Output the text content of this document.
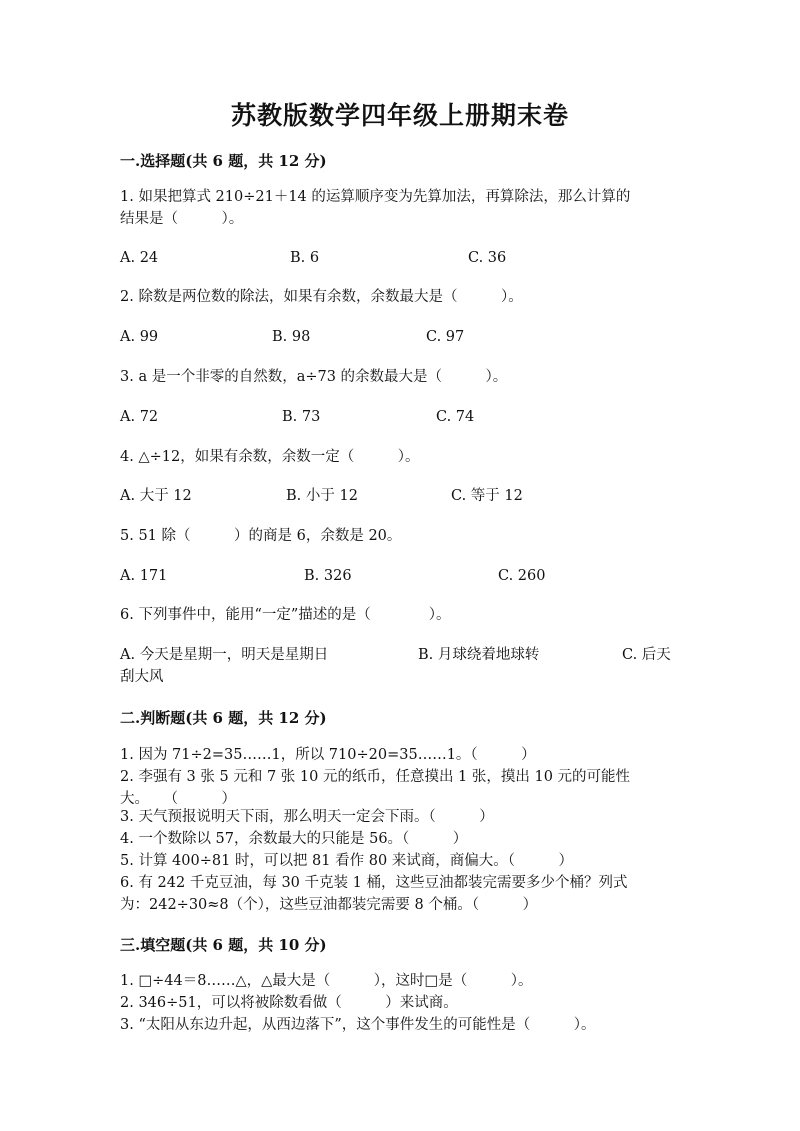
苏教版数学四年级上册期末卷
一.选择题(共 6 题，共 12 分)
1. 如果把算式 210÷21＋14 的运算顺序变为先算加法，再算除法，那么计算的
结果是（　　　）。
A. 24	B. 6	C. 36
2. 除数是两位数的除法，如果有余数，余数最大是（　　　）。
A. 99	B. 98	C. 97
3. a 是一个非零的自然数，a÷73 的余数最大是（　　　）。
A. 72	B. 73	C. 74
4. △÷12，如果有余数，余数一定（　　　）。
A. 大于 12	B. 小于 12	C. 等于 12
5. 51 除（　　　）的商是 6，余数是 20。
A. 171	B. 326	C. 260
6. 下列事件中，能用“一定”描述的是（　　　　）。
A. 今天是星期一，明天是星期日	B. 月球绕着地球转	C. 后天
刮大风
二.判断题(共 6 题，共 12 分)
1. 因为 71÷2=35……1，所以 710÷20=35……1。（　　　）
2. 李强有 3 张 5 元和 7 张 10 元的纸币，任意摸出 1 张，摸出 10 元的可能性
大。　　（　　　）
3. 天气预报说明天下雨，那么明天一定会下雨。（　　　）
4. 一个数除以 57，余数最大的只能是 56。（　　　）
5. 计算 400÷81 时，可以把 81 看作 80 来试商，商偏大。（　　　）
6. 有 242 千克豆油，每 30 千克装 1 桶，这些豆油都装完需要多少个桶？列式
为：242÷30≈8（个），这些豆油都装完需要 8 个桶。（　　　）
三.填空题(共 6 题，共 10 分)
1. □÷44＝8……△，△最大是（　　　），这时□是（　　　）。
2. 346÷51，可以将被除数看做（　　　）来试商。
3. “太阳从东边升起，从西边落下”，这个事件发生的可能性是（　　　）。
